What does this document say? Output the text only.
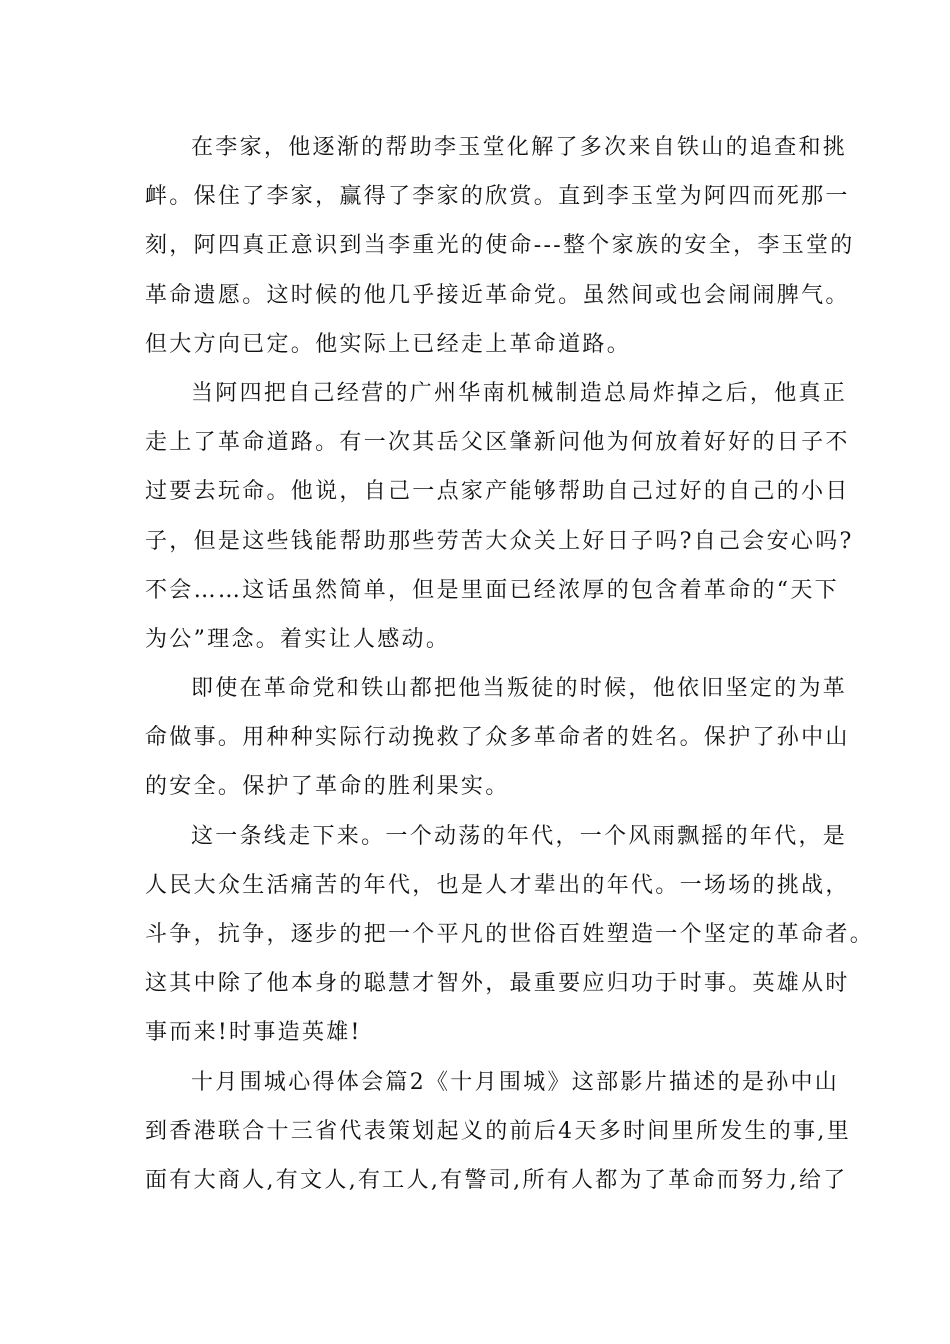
在李家，他逐渐的帮助李玉堂化解了多次来自铁山的追查和挑
衅。保住了李家，赢得了李家的欣赏。直到李玉堂为阿四而死那一
刻，阿四真正意识到当李重光的使命---整个家族的安全，李玉堂的
革命遗愿。这时候的他几乎接近革命党。虽然间或也会闹闹脾气。
但大方向已定。他实际上已经走上革命道路。
当阿四把自己经营的广州华南机械制造总局炸掉之后，他真正
走上了革命道路。有一次其岳父区肇新问他为何放着好好的日子不
过要去玩命。他说，自己一点家产能够帮助自己过好的自己的小日
子，但是这些钱能帮助那些劳苦大众关上好日子吗?自己会安心吗?
不会……这话虽然简单，但是里面已经浓厚的包含着革命的“天下
为公”理念。着实让人感动。
即使在革命党和铁山都把他当叛徒的时候，他依旧坚定的为革
命做事。用种种实际行动挽救了众多革命者的姓名。保护了孙中山
的安全。保护了革命的胜利果实。
这一条线走下来。一个动荡的年代，一个风雨飘摇的年代，是
人民大众生活痛苦的年代，也是人才辈出的年代。一场场的挑战，
斗争，抗争，逐步的把一个平凡的世俗百姓塑造一个坚定的革命者。
这其中除了他本身的聪慧才智外，最重要应归功于时事。英雄从时
事而来!时事造英雄!
十月围城心得体会篇2《十月围城》这部影片描述的是孙中山
到香港联合十三省代表策划起义的前后4天多时间里所发生的事,里
面有大商人,有文人,有工人,有警司,所有人都为了革命而努力,给了
